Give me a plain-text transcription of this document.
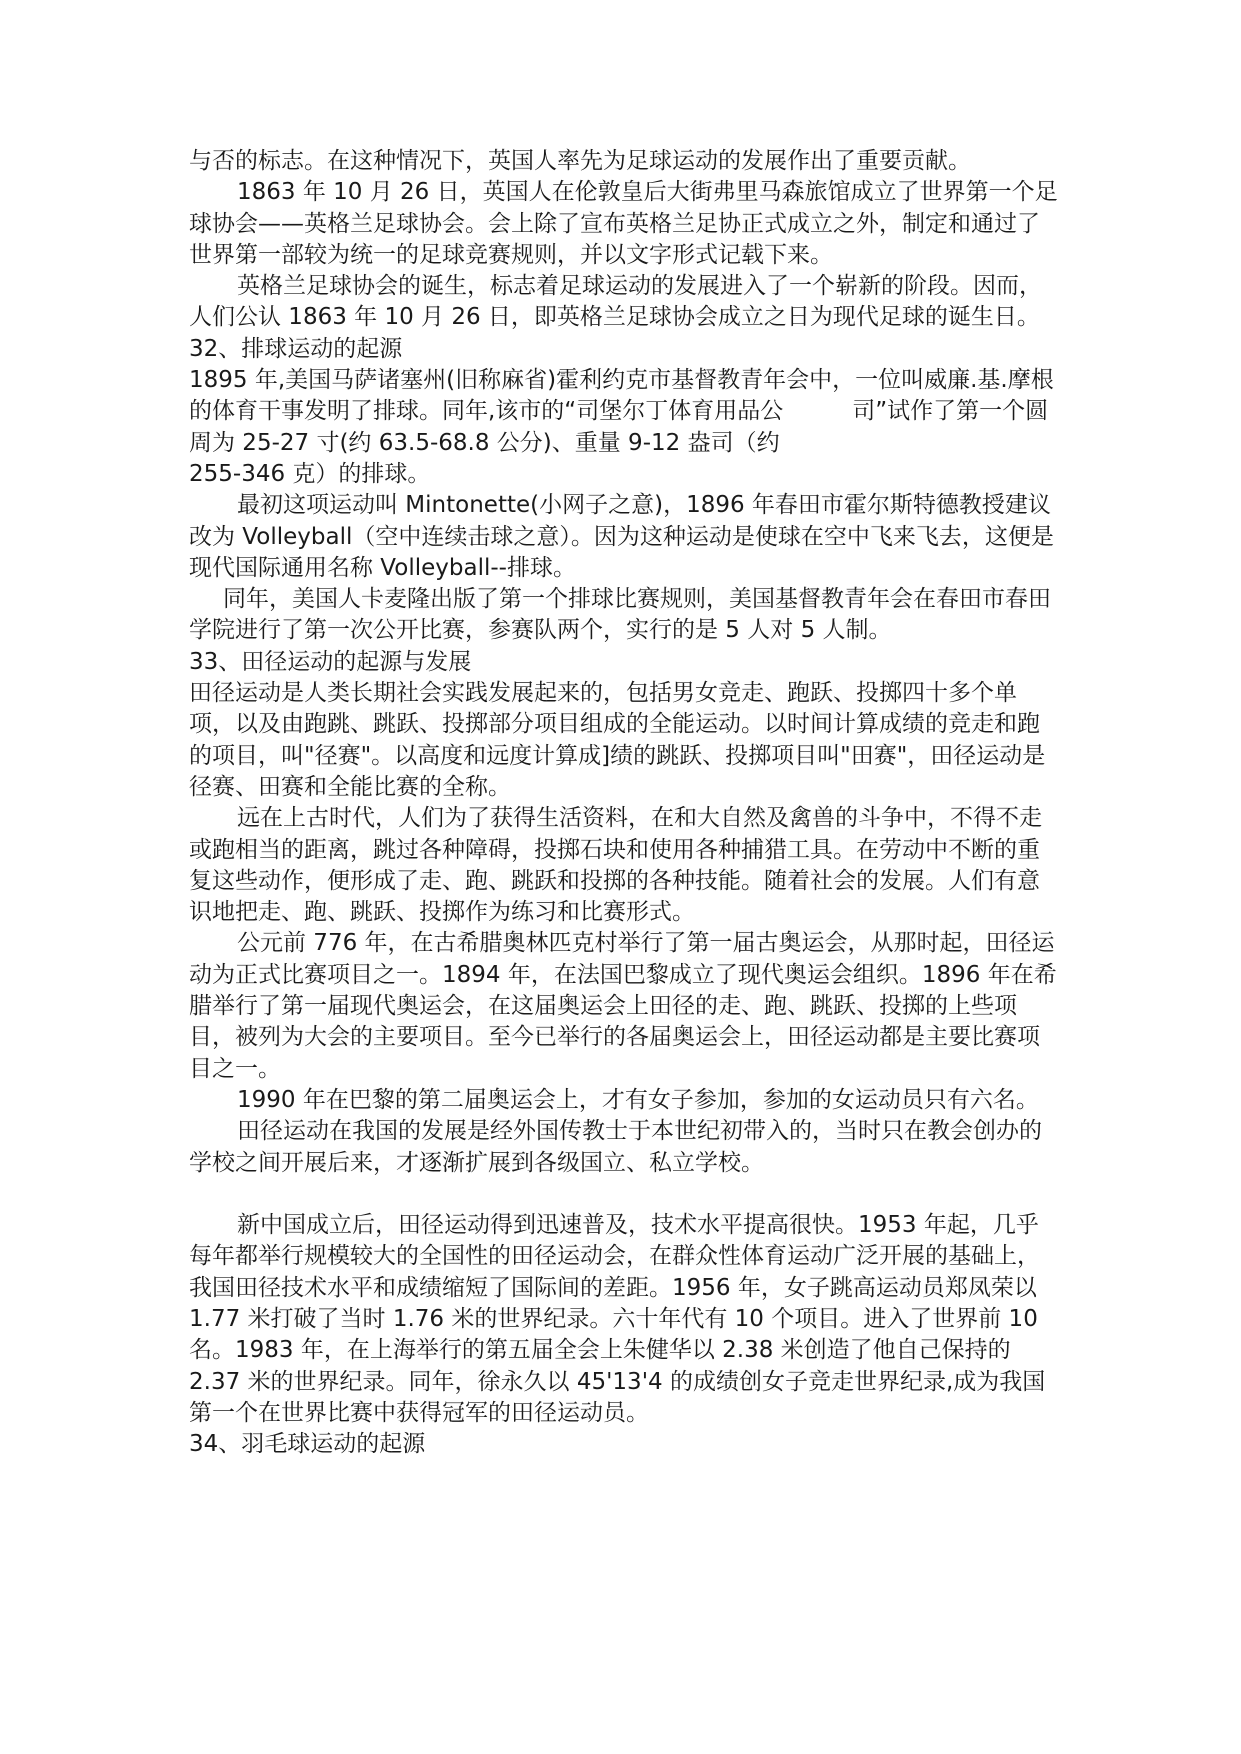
与否的标志。在这种情况下，英国人率先为足球运动的发展作出了重要贡献。

1863 年 10 月 26 日，英国人在伦敦皇后大街弗里马森旅馆成立了世界第一个足球协会——英格兰足球协会。会上除了宣布英格兰足协正式成立之外，制定和通过了世界第一部较为统一的足球竞赛规则，并以文字形式记载下来。

英格兰足球协会的诞生，标志着足球运动的发展进入了一个崭新的阶段。因而，人们公认 1863 年 10 月 26 日，即英格兰足球协会成立之日为现代足球的诞生日。

32、排球运动的起源

1895 年,美国马萨诸塞州(旧称麻省)霍利约克市基督教青年会中，一位叫威廉.基.摩根的体育干事发明了排球。同年,该市的“司堡尔丁体育用品公　　　司”试作了第一个圆周为 25-27 寸(约 63.5-68.8 公分)、重量 9-12 盎司（约

255-346 克）的排球。

最初这项运动叫 Mintonette(小网子之意)，1896 年春田市霍尔斯特德教授建议改为 Volleyball（空中连续击球之意）。因为这种运动是使球在空中飞来飞去，这便是现代国际通用名称 Volleyball--排球。

同年，美国人卡麦隆出版了第一个排球比赛规则，美国基督教青年会在春田市春田学院进行了第一次公开比赛，参赛队两个，实行的是 5 人对 5 人制。

33、田径运动的起源与发展

田径运动是人类长期社会实践发展起来的，包括男女竞走、跑跃、投掷四十多个单项，以及由跑跳、跳跃、投掷部分项目组成的全能运动。以时间计算成绩的竞走和跑的项目，叫"径赛"。以高度和远度计算成]绩的跳跃、投掷项目叫"田赛"，田径运动是径赛、田赛和全能比赛的全称。

远在上古时代，人们为了获得生活资料，在和大自然及禽兽的斗争中，不得不走或跑相当的距离，跳过各种障碍，投掷石块和使用各种捕猎工具。在劳动中不断的重复这些动作，便形成了走、跑、跳跃和投掷的各种技能。随着社会的发展。人们有意识地把走、跑、跳跃、投掷作为练习和比赛形式。

公元前 776 年，在古希腊奥林匹克村举行了第一届古奥运会，从那时起，田径运动为正式比赛项目之一。1894 年，在法国巴黎成立了现代奥运会组织。1896 年在希腊举行了第一届现代奥运会，在这届奥运会上田径的走、跑、跳跃、投掷的上些项目，被列为大会的主要项目。至今已举行的各届奥运会上，田径运动都是主要比赛项目之一。

1990 年在巴黎的第二届奥运会上，才有女子参加，参加的女运动员只有六名。

田径运动在我国的发展是经外国传教士于本世纪初带入的，当时只在教会创办的学校之间开展后来，才逐渐扩展到各级国立、私立学校。

新中国成立后，田径运动得到迅速普及，技术水平提高很快。1953 年起，几乎每年都举行规模较大的全国性的田径运动会，在群众性体育运动广泛开展的基础上，我国田径技术水平和成绩缩短了国际间的差距。1956 年，女子跳高运动员郑凤荣以 1.77 米打破了当时 1.76 米的世界纪录。六十年代有 10 个项目。进入了世界前 10 名。1983 年，在上海举行的第五届全会上朱健华以 2.38 米创造了他自己保持的 2.37 米的世界纪录。同年，徐永久以 45'13'4 的成绩创女子竞走世界纪录,成为我国第一个在世界比赛中获得冠军的田径运动员。

34、羽毛球运动的起源
